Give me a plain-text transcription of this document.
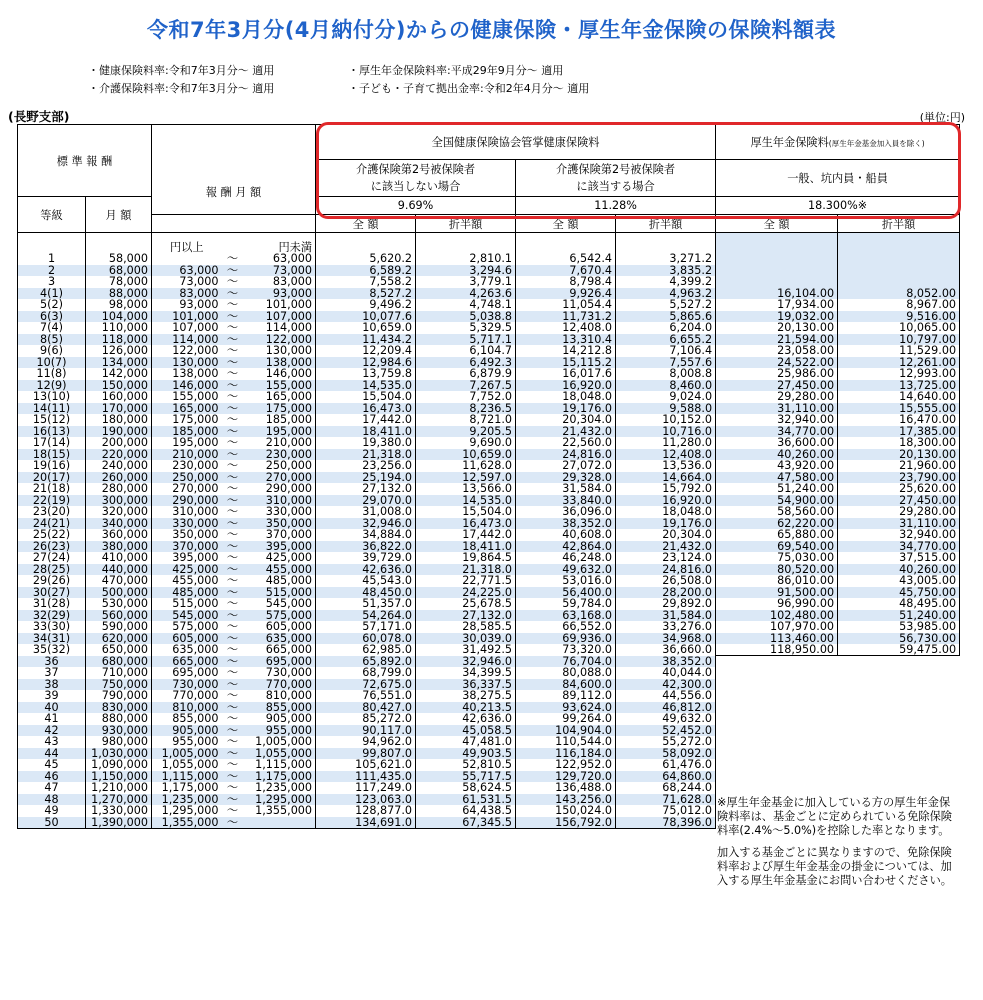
令和7年3月分(4月納付分)からの健康保険・厚生年金保険の保険料額表
・健康保険料率:令和7年3月分～ 適用	・厚生年金保険料率:平成29年9月分～ 適用
・介護保険料率:令和7年3月分～ 適用	・子ども・子育て拠出金率:令和2年4月分～ 適用
(長野支部)	(単位:円)
標 準 報 酬		報 酬 月 額			全国健康保険協会管掌健康保険料				厚生年金保険料(厚生年金基金加入員を除く)	
					介護保険第2号被保険者
に該当しない場合		介護保険第2号被保険者
に該当する場合		一般、坑内員・船員	
等級	月 額				9.69%		11.28%		18.300%※	
					全 額	折半額	全 額	折半額	全 額	折半額
		円以上		円未満						
1	58,000		～	63,000	5,620.2	2,810.1	6,542.4	3,271.2		
2	68,000	63,000	～	73,000	6,589.2	3,294.6	7,670.4	3,835.2		
3	78,000	73,000	～	83,000	7,558.2	3,779.1	8,798.4	4,399.2		
4(1)	88,000	83,000	～	93,000	8,527.2	4,263.6	9,926.4	4,963.2	16,104.00	8,052.00
5(2)	98,000	93,000	～	101,000	9,496.2	4,748.1	11,054.4	5,527.2	17,934.00	8,967.00
6(3)	104,000	101,000	～	107,000	10,077.6	5,038.8	11,731.2	5,865.6	19,032.00	9,516.00
7(4)	110,000	107,000	～	114,000	10,659.0	5,329.5	12,408.0	6,204.0	20,130.00	10,065.00
8(5)	118,000	114,000	～	122,000	11,434.2	5,717.1	13,310.4	6,655.2	21,594.00	10,797.00
9(6)	126,000	122,000	～	130,000	12,209.4	6,104.7	14,212.8	7,106.4	23,058.00	11,529.00
10(7)	134,000	130,000	～	138,000	12,984.6	6,492.3	15,115.2	7,557.6	24,522.00	12,261.00
11(8)	142,000	138,000	～	146,000	13,759.8	6,879.9	16,017.6	8,008.8	25,986.00	12,993.00
12(9)	150,000	146,000	～	155,000	14,535.0	7,267.5	16,920.0	8,460.0	27,450.00	13,725.00
13(10)	160,000	155,000	～	165,000	15,504.0	7,752.0	18,048.0	9,024.0	29,280.00	14,640.00
14(11)	170,000	165,000	～	175,000	16,473.0	8,236.5	19,176.0	9,588.0	31,110.00	15,555.00
15(12)	180,000	175,000	～	185,000	17,442.0	8,721.0	20,304.0	10,152.0	32,940.00	16,470.00
16(13)	190,000	185,000	～	195,000	18,411.0	9,205.5	21,432.0	10,716.0	34,770.00	17,385.00
17(14)	200,000	195,000	～	210,000	19,380.0	9,690.0	22,560.0	11,280.0	36,600.00	18,300.00
18(15)	220,000	210,000	～	230,000	21,318.0	10,659.0	24,816.0	12,408.0	40,260.00	20,130.00
19(16)	240,000	230,000	～	250,000	23,256.0	11,628.0	27,072.0	13,536.0	43,920.00	21,960.00
20(17)	260,000	250,000	～	270,000	25,194.0	12,597.0	29,328.0	14,664.0	47,580.00	23,790.00
21(18)	280,000	270,000	～	290,000	27,132.0	13,566.0	31,584.0	15,792.0	51,240.00	25,620.00
22(19)	300,000	290,000	～	310,000	29,070.0	14,535.0	33,840.0	16,920.0	54,900.00	27,450.00
23(20)	320,000	310,000	～	330,000	31,008.0	15,504.0	36,096.0	18,048.0	58,560.00	29,280.00
24(21)	340,000	330,000	～	350,000	32,946.0	16,473.0	38,352.0	19,176.0	62,220.00	31,110.00
25(22)	360,000	350,000	～	370,000	34,884.0	17,442.0	40,608.0	20,304.0	65,880.00	32,940.00
26(23)	380,000	370,000	～	395,000	36,822.0	18,411.0	42,864.0	21,432.0	69,540.00	34,770.00
27(24)	410,000	395,000	～	425,000	39,729.0	19,864.5	46,248.0	23,124.0	75,030.00	37,515.00
28(25)	440,000	425,000	～	455,000	42,636.0	21,318.0	49,632.0	24,816.0	80,520.00	40,260.00
29(26)	470,000	455,000	～	485,000	45,543.0	22,771.5	53,016.0	26,508.0	86,010.00	43,005.00
30(27)	500,000	485,000	～	515,000	48,450.0	24,225.0	56,400.0	28,200.0	91,500.00	45,750.00
31(28)	530,000	515,000	～	545,000	51,357.0	25,678.5	59,784.0	29,892.0	96,990.00	48,495.00
32(29)	560,000	545,000	～	575,000	54,264.0	27,132.0	63,168.0	31,584.0	102,480.00	51,240.00
33(30)	590,000	575,000	～	605,000	57,171.0	28,585.5	66,552.0	33,276.0	107,970.00	53,985.00
34(31)	620,000	605,000	～	635,000	60,078.0	30,039.0	69,936.0	34,968.0	113,460.00	56,730.00
35(32)	650,000	635,000	～	665,000	62,985.0	31,492.5	73,320.0	36,660.0	118,950.00	59,475.00
36	680,000	665,000	～	695,000	65,892.0	32,946.0	76,704.0	38,352.0		
37	710,000	695,000	～	730,000	68,799.0	34,399.5	80,088.0	40,044.0		
38	750,000	730,000	～	770,000	72,675.0	36,337.5	84,600.0	42,300.0		
39	790,000	770,000	～	810,000	76,551.0	38,275.5	89,112.0	44,556.0		
40	830,000	810,000	～	855,000	80,427.0	40,213.5	93,624.0	46,812.0		
41	880,000	855,000	～	905,000	85,272.0	42,636.0	99,264.0	49,632.0		
42	930,000	905,000	～	955,000	90,117.0	45,058.5	104,904.0	52,452.0		
43	980,000	955,000	～	1,005,000	94,962.0	47,481.0	110,544.0	55,272.0		
44	1,030,000	1,005,000	～	1,055,000	99,807.0	49,903.5	116,184.0	58,092.0		
45	1,090,000	1,055,000	～	1,115,000	105,621.0	52,810.5	122,952.0	61,476.0		
46	1,150,000	1,115,000	～	1,175,000	111,435.0	55,717.5	129,720.0	64,860.0		
47	1,210,000	1,175,000	～	1,235,000	117,249.0	58,624.5	136,488.0	68,244.0		
48	1,270,000	1,235,000	～	1,295,000	123,063.0	61,531.5	143,256.0	71,628.0		
49	1,330,000	1,295,000	～	1,355,000	128,877.0	64,438.5	150,024.0	75,012.0		
50	1,390,000	1,355,000	～		134,691.0	67,345.5	156,792.0	78,396.0		

※厚生年金基金に加入している方の厚生年金保険料率は、基金ごとに定められている免除保険料率(2.4%～5.0%)を控除した率となります。

加入する基金ごとに異なりますので、免除保険料率および厚生年金基金の掛金については、加入する厚生年金基金にお問い合わせください。
